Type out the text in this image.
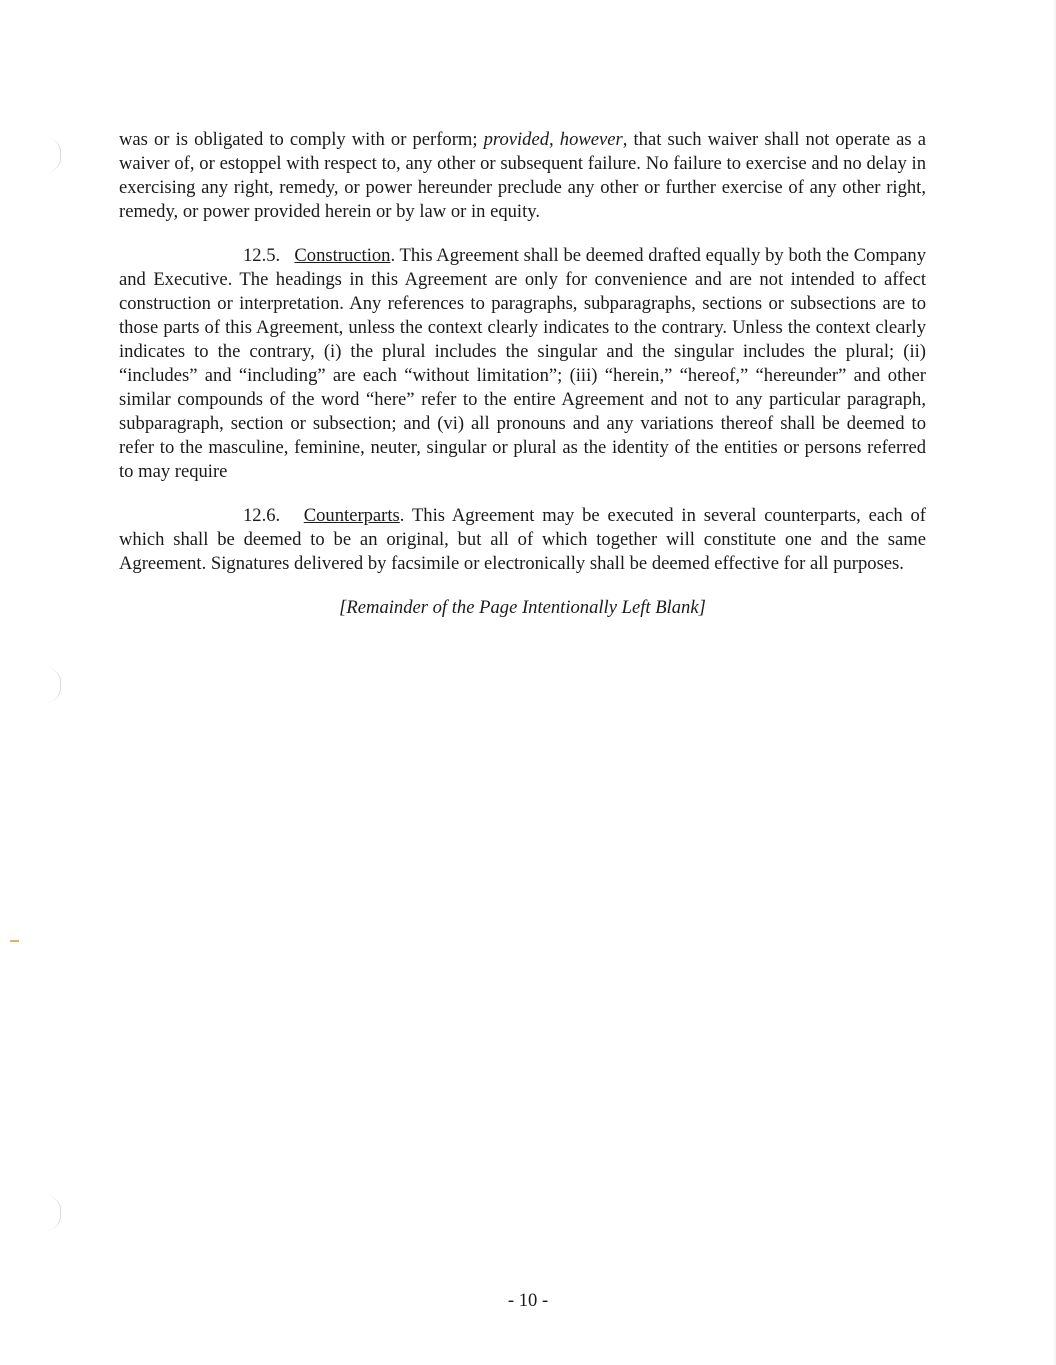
was or is obligated to comply with or perform; provided, however, that such waiver shall not operate as a waiver of, or estoppel with respect to, any other or subsequent failure. No failure to exercise and no delay in exercising any right, remedy, or power hereunder preclude any other or further exercise of any other right, remedy, or power provided herein or by law or in equity.

12.5. Construction. This Agreement shall be deemed drafted equally by both the Company and Executive. The headings in this Agreement are only for convenience and are not intended to affect construction or interpretation. Any references to paragraphs, subparagraphs, sections or subsections are to those parts of this Agreement, unless the context clearly indicates to the contrary. Unless the context clearly indicates to the contrary, (i) the plural includes the singular and the singular includes the plural; (ii) “includes” and “including” are each “without limitation”; (iii) “herein,” “hereof,” “hereunder” and other similar compounds of the word “here” refer to the entire Agreement and not to any particular paragraph, subparagraph, section or subsection; and (vi) all pronouns and any variations thereof shall be deemed to refer to the masculine, feminine, neuter, singular or plural as the identity of the entities or persons referred to may require

12.6. Counterparts. This Agreement may be executed in several counterparts, each of which shall be deemed to be an original, but all of which together will constitute one and the same Agreement. Signatures delivered by facsimile or electronically shall be deemed effective for all purposes.

[Remainder of the Page Intentionally Left Blank]

- 10 -
